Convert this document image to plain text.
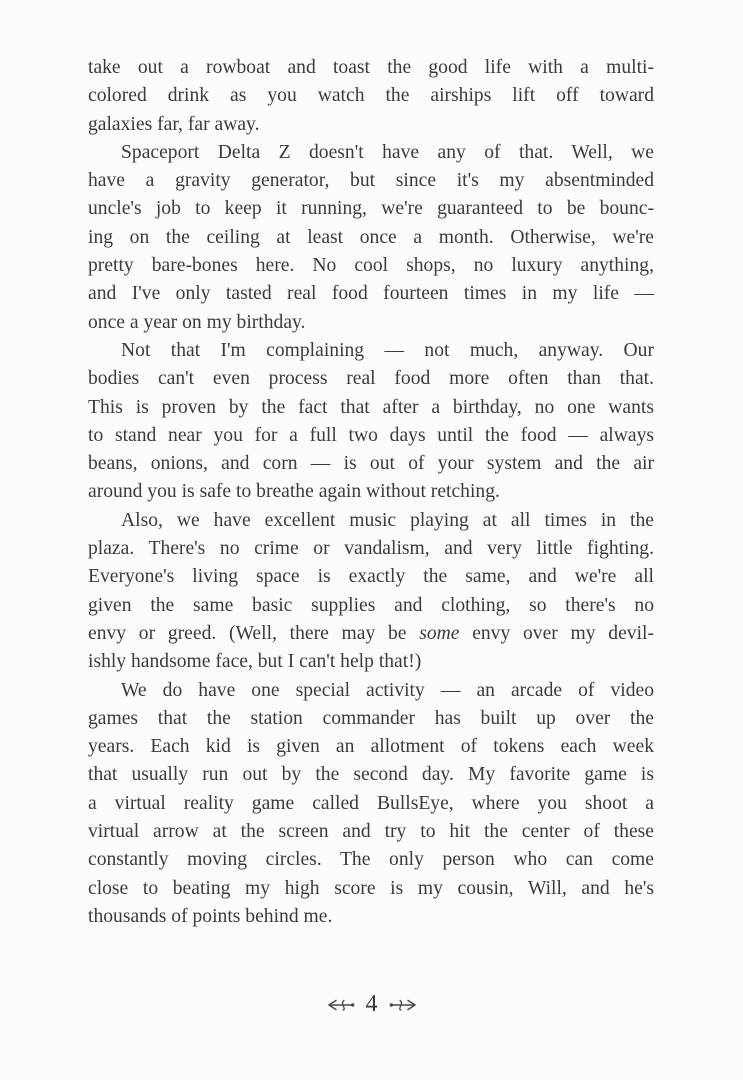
take out a rowboat and toast the good life with a multi-
colored drink as you watch the airships lift off toward
galaxies far, far away.
Spaceport Delta Z doesn't have any of that. Well, we
have a gravity generator, but since it's my absentminded
uncle's job to keep it running, we're guaranteed to be bounc-
ing on the ceiling at least once a month. Otherwise, we're
pretty bare-bones here. No cool shops, no luxury anything,
and I've only tasted real food fourteen times in my life —
once a year on my birthday.
Not that I'm complaining — not much, anyway. Our
bodies can't even process real food more often than that.
This is proven by the fact that after a birthday, no one wants
to stand near you for a full two days until the food — always
beans, onions, and corn — is out of your system and the air
around you is safe to breathe again without retching.
Also, we have excellent music playing at all times in the
plaza. There's no crime or vandalism, and very little fighting.
Everyone's living space is exactly the same, and we're all
given the same basic supplies and clothing, so there's no
envy or greed. (Well, there may be some envy over my devil-
ishly handsome face, but I can't help that!)
We do have one special activity — an arcade of video
games that the station commander has built up over the
years. Each kid is given an allotment of tokens each week
that usually run out by the second day. My favorite game is
a virtual reality game called BullsEye, where you shoot a
virtual arrow at the screen and try to hit the center of these
constantly moving circles. The only person who can come
close to beating my high score is my cousin, Will, and he's
thousands of points behind me.
4
